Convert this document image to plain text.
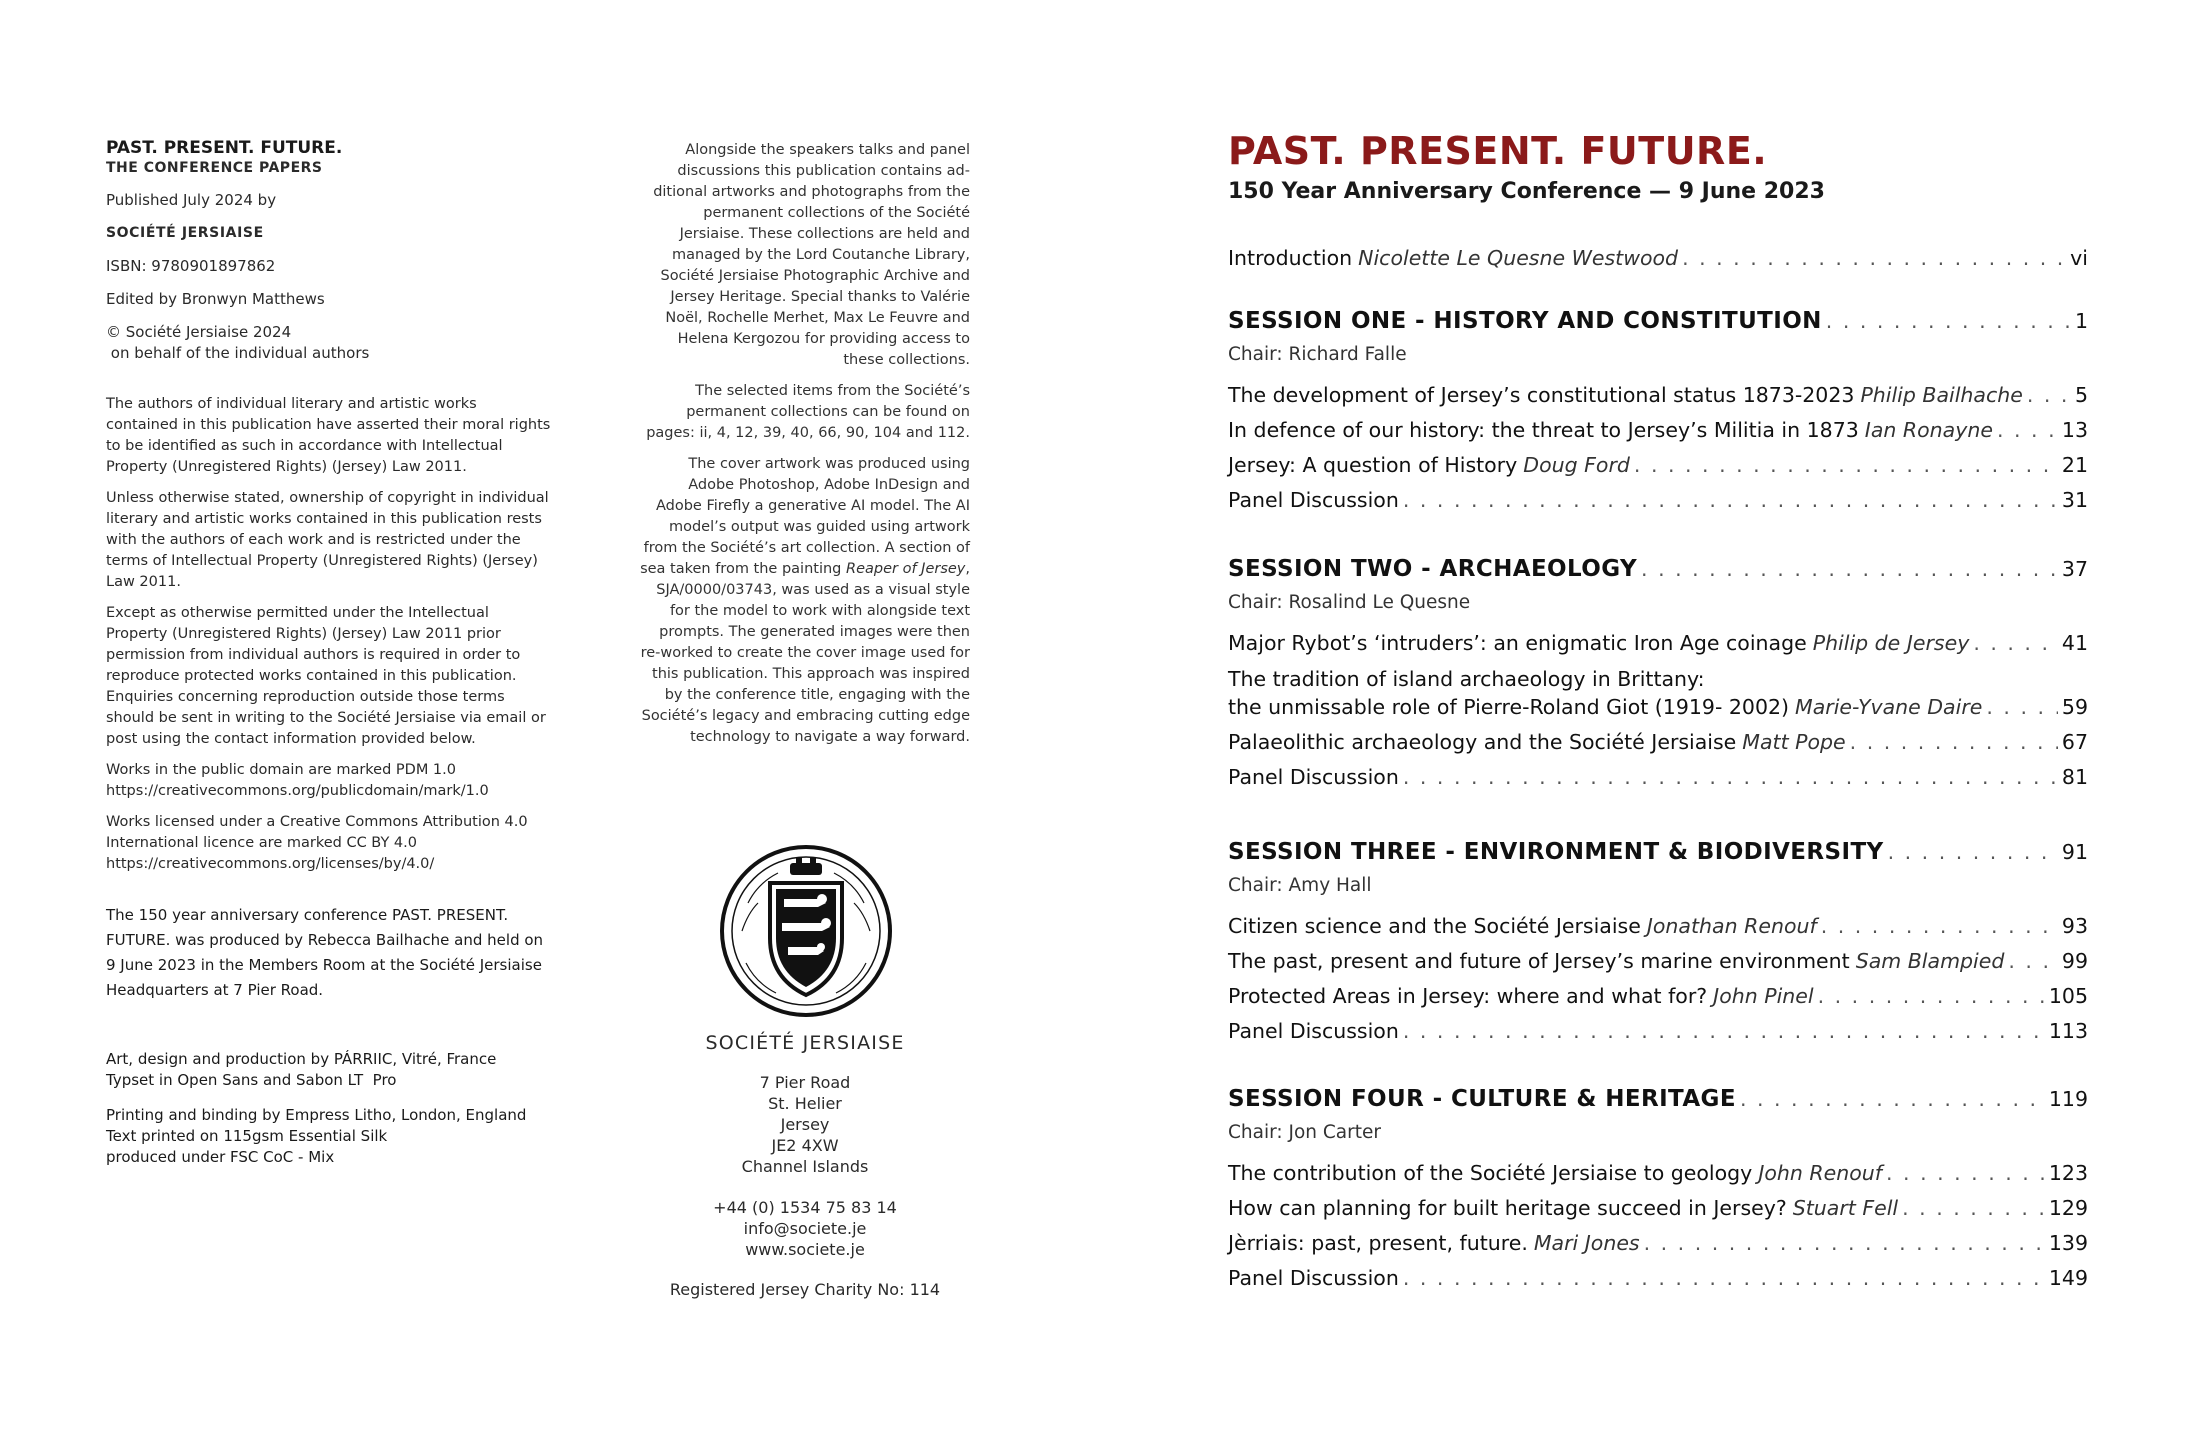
PAST. PRESENT. FUTURE.
THE CONFERENCE PAPERS
Published July 2024 by
SOCIÉTÉ JERSIAISE
ISBN: 9780901897862
Edited by Bronwyn Matthews
© Société Jersiaise 2024
on behalf of the individual authors
The authors of individual literary and artistic works contained in this publication have asserted their moral rights to be identified as such in accordance with Intellectual Property (Unregistered Rights) (Jersey) Law 2011.
Unless otherwise stated, ownership of copyright in individual literary and artistic works contained in this publication rests with the authors of each work and is restricted under the terms of Intellectual Property (Unregistered Rights) (Jersey) Law 2011.
Except as otherwise permitted under the Intellectual Property (Unregistered Rights) (Jersey) Law 2011 prior permission from individual authors is required in order to reproduce protected works contained in this publication. Enquiries concerning reproduction outside those terms should be sent in writing to the Société Jersiaise via email or post using the contact information provided below.
Works in the public domain are marked PDM 1.0
https://creativecommons.org/publicdomain/mark/1.0
Works licensed under a Creative Commons Attribution 4.0 International licence are marked CC BY 4.0
https://creativecommons.org/licenses/by/4.0/
The 150 year anniversary conference PAST. PRESENT. FUTURE. was produced by Rebecca Bailhache and held on 9 June 2023 in the Members Room at the Société Jersiaise Headquarters at 7 Pier Road.
Art, design and production by PÁRRIIC, Vitré, France
Typset in Open Sans and Sabon LT  Pro
Printing and binding by Empress Litho, London, England
Text printed on 115gsm Essential Silk
produced under FSC CoC - Mix
Alongside the speakers talks and panel discussions this publication contains ad-ditional artworks and photographs from the permanent collections of the Société Jersiaise. These collections are held and managed by the Lord Coutanche Library, Société Jersiaise Photographic Archive and Jersey Heritage. Special thanks to Valérie Noël, Rochelle Merhet, Max Le Feuvre and Helena Kergozou for providing access to these collections.
The selected items from the Société’s permanent collections can be found on pages: ii, 4, 12, 39, 40, 66, 90, 104 and 112.
The cover artwork was produced using Adobe Photoshop, Adobe InDesign and Adobe Firefly a generative AI model. The AI model’s output was guided using artwork from the Société’s art collection. A section of sea taken from the painting Reaper of Jersey, SJA/0000/03743, was used as a visual style for the model to work with alongside text prompts. The generated images were then re-worked to create the cover image used for this publication. This approach was inspired by the conference title, engaging with the Société’s legacy and embracing cutting edge technology to navigate a way forward.
SOCIÉTÉ JERSIAISE
7 Pier Road
St. Helier
Jersey
JE2 4XW
Channel Islands
+44 (0) 1534 75 83 14
info@societe.je
www.societe.je
Registered Jersey Charity No: 114
PAST. PRESENT. FUTURE.
150 Year Anniversary Conference — 9 June 2023
Introduction Nicolette Le Quesne Westwood . . .	vi
SESSION ONE - HISTORY AND CONSTITUTION . . .	1
Chair: Richard Falle
The development of Jersey’s constitutional status 1873-2023 Philip Bailhache . . .	5
In defence of our history: the threat to Jersey’s Militia in 1873 Ian Ronayne . . .	13
Jersey: A question of History Doug Ford . . .	21
Panel Discussion . . .	31
SESSION TWO - ARCHAEOLOGY . . .	37
Chair: Rosalind Le Quesne
Major Rybot’s ‘intruders’: an enigmatic Iron Age coinage Philip de Jersey . . .	41
The tradition of island archaeology in Brittany:
the unmissable role of Pierre-Roland Giot (1919- 2002) Marie-Yvane Daire . . .	59
Palaeolithic archaeology and the Société Jersiaise Matt Pope . . .	67
Panel Discussion . . .	81
SESSION THREE - ENVIRONMENT & BIODIVERSITY . . .	91
Chair: Amy Hall
Citizen science and the Société Jersiaise Jonathan Renouf . . .	93
The past, present and future of Jersey’s marine environment Sam Blampied . . .	99
Protected Areas in Jersey: where and what for? John Pinel . . .	105
Panel Discussion . . .	113
SESSION FOUR - CULTURE & HERITAGE . . .	119
Chair: Jon Carter
The contribution of the Société Jersiaise to geology John Renouf . . .	123
How can planning for built heritage succeed in Jersey? Stuart Fell . . .	129
Jèrriais: past, present, future. Mari Jones . . .	139
Panel Discussion . . .	149
